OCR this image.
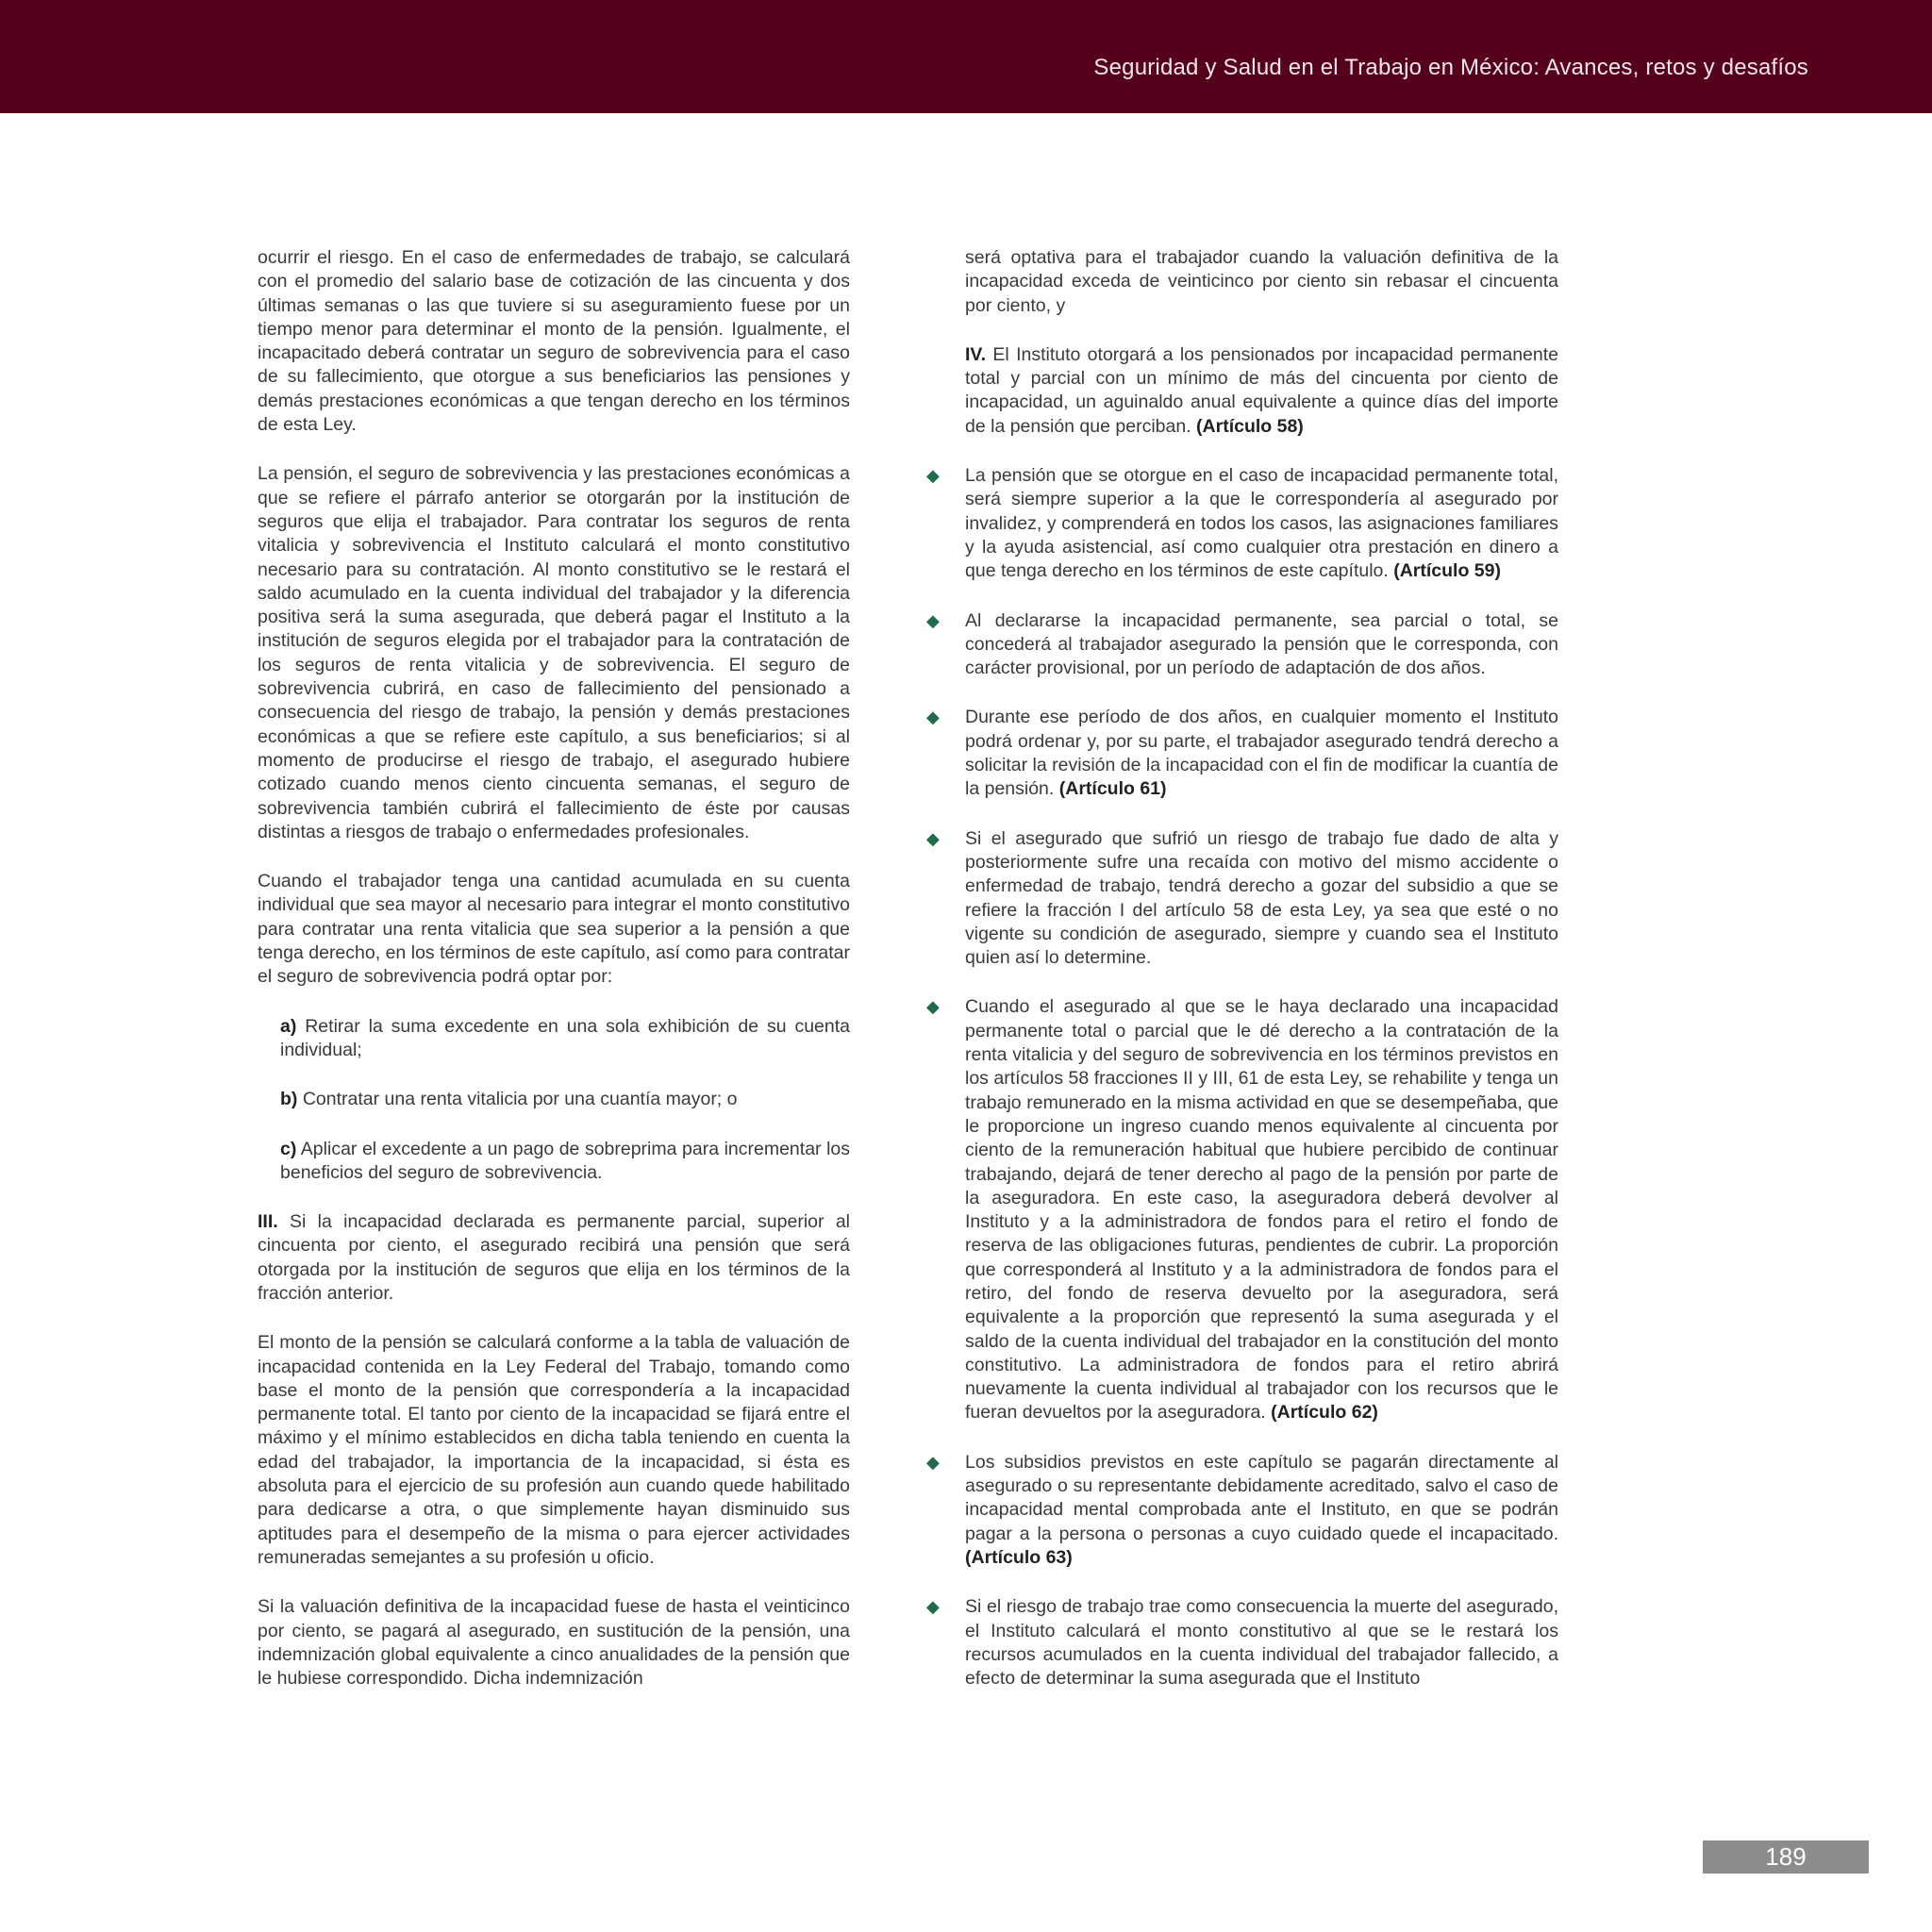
Seguridad y Salud en el Trabajo en México: Avances, retos y desafíos

ocurrir el riesgo. En el caso de enfermedades de trabajo, se calculará con el promedio del salario base de cotización de las cincuenta y dos últimas semanas o las que tuviere si su aseguramiento fuese por un tiempo menor para determinar el monto de la pensión. Igualmente, el incapacitado deberá contratar un seguro de sobrevivencia para el caso de su fallecimiento, que otorgue a sus beneficiarios las pensiones y demás prestaciones económicas a que tengan derecho en los términos de esta Ley.

La pensión, el seguro de sobrevivencia y las prestaciones económicas a que se refiere el párrafo anterior se otorgarán por la institución de seguros que elija el trabajador. Para contratar los seguros de renta vitalicia y sobrevivencia el Instituto calculará el monto constitutivo necesario para su contratación. Al monto constitutivo se le restará el saldo acumulado en la cuenta individual del trabajador y la diferencia positiva será la suma asegurada, que deberá pagar el Instituto a la institución de seguros elegida por el trabajador para la contratación de los seguros de renta vitalicia y de sobrevivencia. El seguro de sobrevivencia cubrirá, en caso de fallecimiento del pensionado a consecuencia del riesgo de trabajo, la pensión y demás prestaciones económicas a que se refiere este capítulo, a sus beneficiarios; si al momento de producirse el riesgo de trabajo, el asegurado hubiere cotizado cuando menos ciento cincuenta semanas, el seguro de sobrevivencia también cubrirá el fallecimiento de éste por causas distintas a riesgos de trabajo o enfermedades profesionales.

Cuando el trabajador tenga una cantidad acumulada en su cuenta individual que sea mayor al necesario para integrar el monto constitutivo para contratar una renta vitalicia que sea superior a la pensión a que tenga derecho, en los términos de este capítulo, así como para contratar el seguro de sobrevivencia podrá optar por:

a) Retirar la suma excedente en una sola exhibición de su cuenta individual;

b) Contratar una renta vitalicia por una cuantía mayor; o

c) Aplicar el excedente a un pago de sobreprima para incrementar los beneficios del seguro de sobrevivencia.

III. Si la incapacidad declarada es permanente parcial, superior al cincuenta por ciento, el asegurado recibirá una pensión que será otorgada por la institución de seguros que elija en los términos de la fracción anterior.

El monto de la pensión se calculará conforme a la tabla de valuación de incapacidad contenida en la Ley Federal del Trabajo, tomando como base el monto de la pensión que correspondería a la incapacidad permanente total. El tanto por ciento de la incapacidad se fijará entre el máximo y el mínimo establecidos en dicha tabla teniendo en cuenta la edad del trabajador, la importancia de la incapacidad, si ésta es absoluta para el ejercicio de su profesión aun cuando quede habilitado para dedicarse a otra, o que simplemente hayan disminuido sus aptitudes para el desempeño de la misma o para ejercer actividades remuneradas semejantes a su profesión u oficio.

Si la valuación definitiva de la incapacidad fuese de hasta el veinticinco por ciento, se pagará al asegurado, en sustitución de la pensión, una indemnización global equivalente a cinco anualidades de la pensión que le hubiese correspondido. Dicha indemnización

será optativa para el trabajador cuando la valuación definitiva de la incapacidad exceda de veinticinco por ciento sin rebasar el cincuenta por ciento, y

IV. El Instituto otorgará a los pensionados por incapacidad permanente total y parcial con un mínimo de más del cincuenta por ciento de incapacidad, un aguinaldo anual equivalente a quince días del importe de la pensión que perciban. (Artículo 58)

◆ La pensión que se otorgue en el caso de incapacidad permanente total, será siempre superior a la que le correspondería al asegurado por invalidez, y comprenderá en todos los casos, las asignaciones familiares y la ayuda asistencial, así como cualquier otra prestación en dinero a que tenga derecho en los términos de este capítulo. (Artículo 59)
◆ Al declararse la incapacidad permanente, sea parcial o total, se concederá al trabajador asegurado la pensión que le corresponda, con carácter provisional, por un período de adaptación de dos años.
◆ Durante ese período de dos años, en cualquier momento el Instituto podrá ordenar y, por su parte, el trabajador asegurado tendrá derecho a solicitar la revisión de la incapacidad con el fin de modificar la cuantía de la pensión. (Artículo 61)
◆ Si el asegurado que sufrió un riesgo de trabajo fue dado de alta y posteriormente sufre una recaída con motivo del mismo accidente o enfermedad de trabajo, tendrá derecho a gozar del subsidio a que se refiere la fracción I del artículo 58 de esta Ley, ya sea que esté o no vigente su condición de asegurado, siempre y cuando sea el Instituto quien así lo determine.
◆ Cuando el asegurado al que se le haya declarado una incapacidad permanente total o parcial que le dé derecho a la contratación de la renta vitalicia y del seguro de sobrevivencia en los términos previstos en los artículos 58 fracciones II y III, 61 de esta Ley, se rehabilite y tenga un trabajo remunerado en la misma actividad en que se desempeñaba, que le proporcione un ingreso cuando menos equivalente al cincuenta por ciento de la remuneración habitual que hubiere percibido de continuar trabajando, dejará de tener derecho al pago de la pensión por parte de la aseguradora. En este caso, la aseguradora deberá devolver al Instituto y a la administradora de fondos para el retiro el fondo de reserva de las obligaciones futuras, pendientes de cubrir. La proporción que corresponderá al Instituto y a la administradora de fondos para el retiro, del fondo de reserva devuelto por la aseguradora, será equivalente a la proporción que representó la suma asegurada y el saldo de la cuenta individual del trabajador en la constitución del monto constitutivo. La administradora de fondos para el retiro abrirá nuevamente la cuenta individual al trabajador con los recursos que le fueran devueltos por la aseguradora. (Artículo 62)
◆ Los subsidios previstos en este capítulo se pagarán directamente al asegurado o su representante debidamente acreditado, salvo el caso de incapacidad mental comprobada ante el Instituto, en que se podrán pagar a la persona o personas a cuyo cuidado quede el incapacitado. (Artículo 63)
◆ Si el riesgo de trabajo trae como consecuencia la muerte del asegurado, el Instituto calculará el monto constitutivo al que se le restará los recursos acumulados en la cuenta individual del trabajador fallecido, a efecto de determinar la suma asegurada que el Instituto
189
